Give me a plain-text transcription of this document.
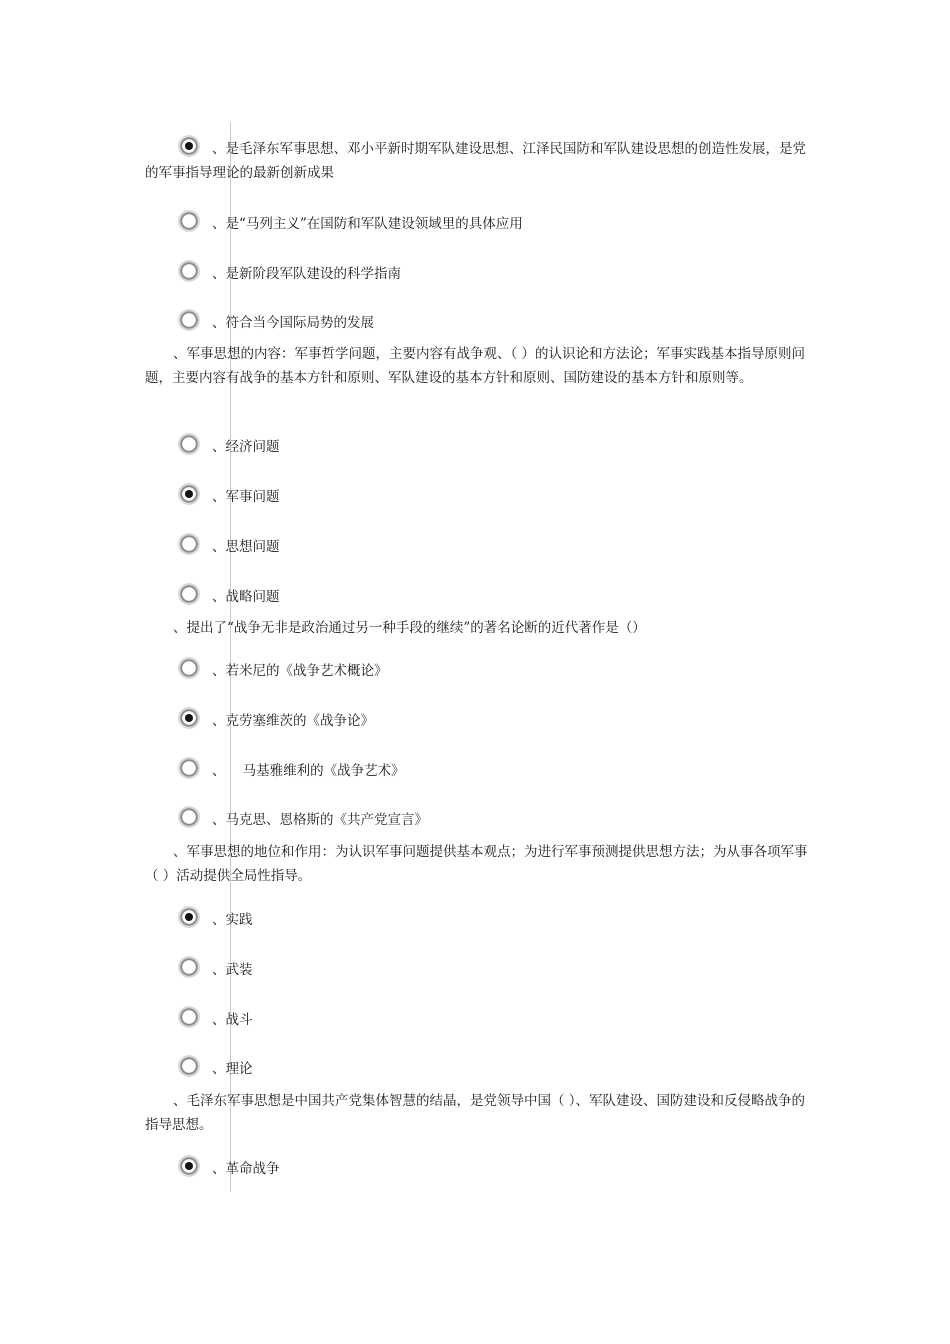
、是毛泽东军事思想、邓小平新时期军队建设思想、江泽民国防和军队建设思想的创造性发展，是党的军事指导理论的最新创新成果
、是“马列主义”在国防和军队建设领域里的具体应用
、是新阶段军队建设的科学指南
、符合当今国际局势的发展
、军事思想的内容：军事哲学问题，主要内容有战争观、（ ）的认识论和方法论；军事实践基本指导原则问题，主要内容有战争的基本方针和原则、军队建设的基本方针和原则、国防建设的基本方针和原则等。
、经济问题
、军事问题
、思想问题
、战略问题
、提出了“战争无非是政治通过另一种手段的继续”的著名论断的近代著作是（）
、若米尼的《战争艺术概论》
、克劳塞维茨的《战争论》
、    马基雅维利的《战争艺术》
、马克思、恩格斯的《共产党宣言》
、军事思想的地位和作用：为认识军事问题提供基本观点；为进行军事预测提供思想方法；为从事各项军事（ ）活动提供全局性指导。
、实践
、武装
、战斗
、理论
、毛泽东军事思想是中国共产党集体智慧的结晶，是党领导中国（ ）、军队建设、国防建设和反侵略战争的指导思想。
、革命战争
